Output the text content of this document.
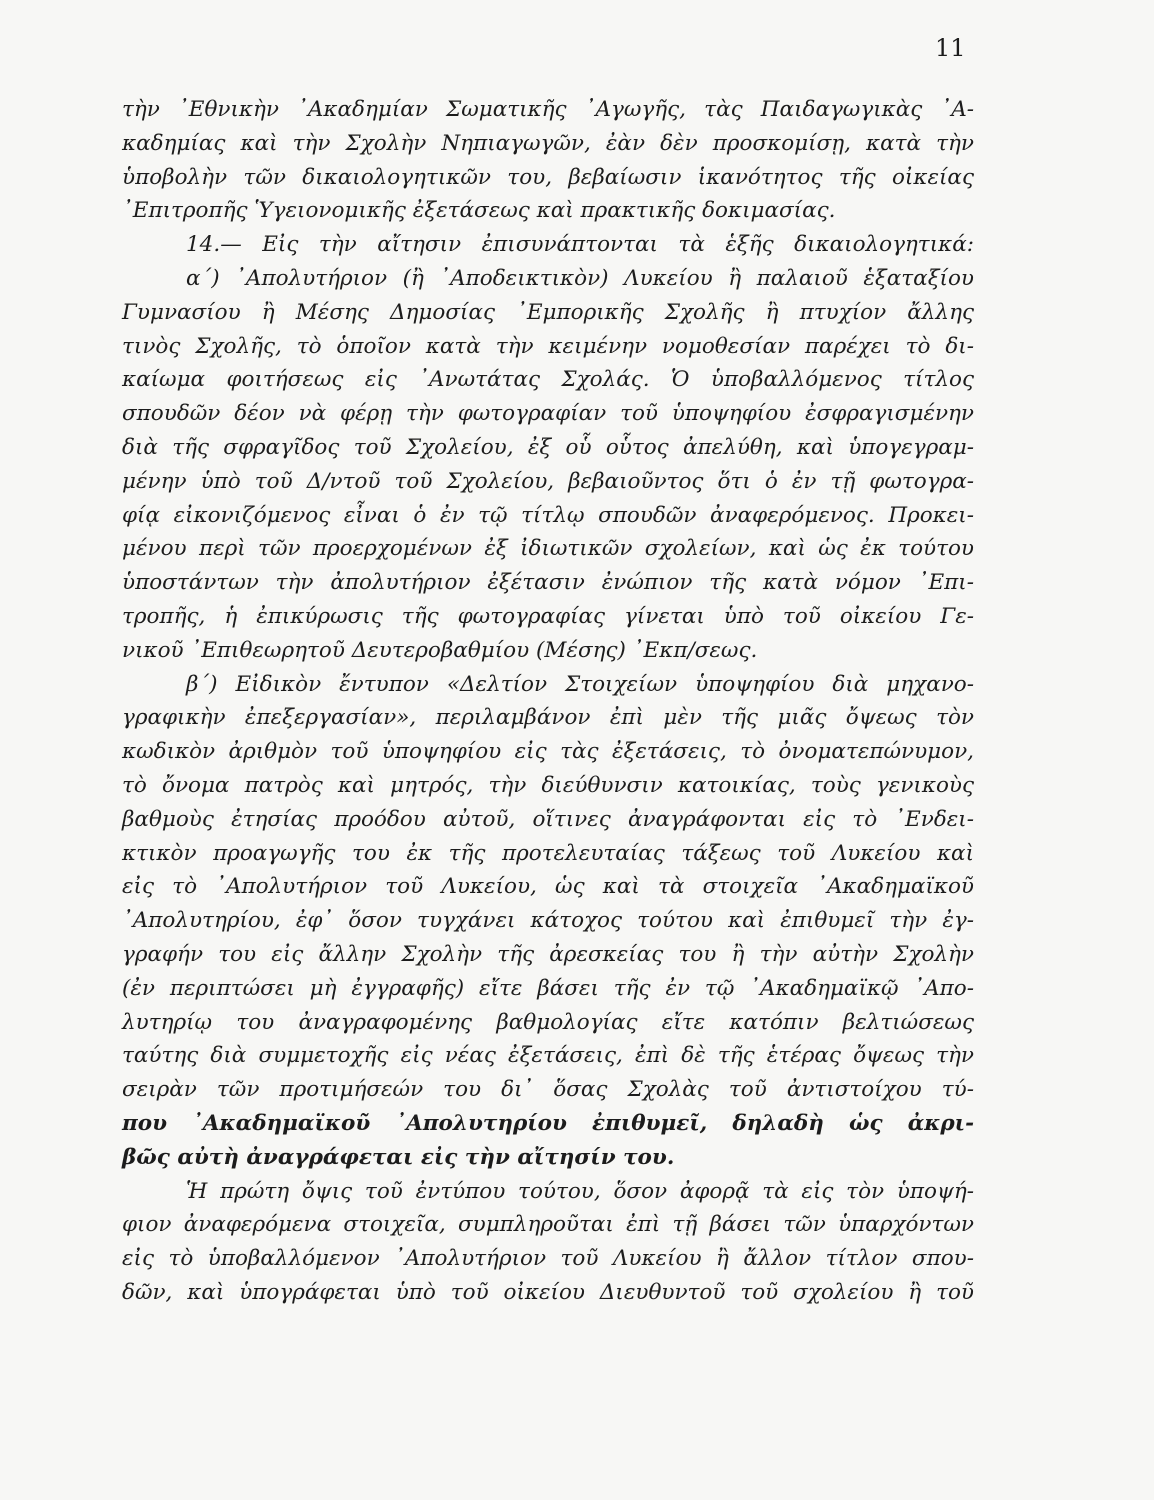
11
τὴν ᾿Εθνικὴν ᾿Ακαδημίαν Σωματικῆς ᾿Αγωγῆς, τὰς Παιδαγωγικὰς ᾿Α-
καδημίας καὶ τὴν Σχολὴν Νηπιαγωγῶν, ἐὰν δὲν προσκομίσῃ, κατὰ τὴν
ὑποβολὴν τῶν δικαιολογητικῶν του, βεβαίωσιν ἱκανότητος τῆς οἰκείας
᾿Επιτροπῆς Ὑγειονομικῆς ἐξετάσεως καὶ πρακτικῆς δοκιμασίας.
14.— Εἰς τὴν αἴτησιν ἐπισυνάπτονται τὰ ἑξῆς δικαιολογητικά:
α΄) ᾿Απολυτήριον (ἢ ᾿Αποδεικτικὸν) Λυκείου ἢ παλαιοῦ ἑξαταξίου
Γυμνασίου ἢ Μέσης Δημοσίας ᾿Εμπορικῆς Σχολῆς ἢ πτυχίον ἄλλης
τινὸς Σχολῆς, τὸ ὁποῖον κατὰ τὴν κειμένην νομοθεσίαν παρέχει τὸ δι-
καίωμα φοιτήσεως εἰς ᾿Ανωτάτας Σχολάς. Ὁ ὑποβαλλόμενος τίτλος
σπουδῶν δέον νὰ φέρῃ τὴν φωτογραφίαν τοῦ ὑποψηφίου ἐσφραγισμένην
διὰ τῆς σφραγῖδος τοῦ Σχολείου, ἐξ οὗ οὗτος ἀπελύθη, καὶ ὑπογεγραμ-
μένην ὑπὸ τοῦ Δ/ντοῦ τοῦ Σχολείου, βεβαιοῦντος ὅτι ὁ ἐν τῇ φωτογρα-
φίᾳ εἰκονιζόμενος εἶναι ὁ ἐν τῷ τίτλῳ σπουδῶν ἀναφερόμενος. Προκει-
μένου περὶ τῶν προερχομένων ἐξ ἰδιωτικῶν σχολείων, καὶ ὡς ἐκ τούτου
ὑποστάντων τὴν ἀπολυτήριον ἐξέτασιν ἐνώπιον τῆς κατὰ νόμον ᾿Επι-
τροπῆς, ἡ ἐπικύρωσις τῆς φωτογραφίας γίνεται ὑπὸ τοῦ οἰκείου Γε-
νικοῦ ᾿Επιθεωρητοῦ Δευτεροβαθμίου (Μέσης) ᾿Εκπ/σεως.
β΄) Εἰδικὸν ἔντυπον «Δελτίον Στοιχείων ὑποψηφίου διὰ μηχανο-
γραφικὴν ἐπεξεργασίαν», περιλαμβάνον ἐπὶ μὲν τῆς μιᾶς ὄψεως τὸν
κωδικὸν ἀριθμὸν τοῦ ὑποψηφίου εἰς τὰς ἐξετάσεις, τὸ ὀνοματεπώνυμον,
τὸ ὄνομα πατρὸς καὶ μητρός, τὴν διεύθυνσιν κατοικίας, τοὺς γενικοὺς
βαθμοὺς ἐτησίας προόδου αὐτοῦ, οἵτινες ἀναγράφονται εἰς τὸ ᾿Ενδει-
κτικὸν προαγωγῆς του ἐκ τῆς προτελευταίας τάξεως τοῦ Λυκείου καὶ
εἰς τὸ ᾿Απολυτήριον τοῦ Λυκείου, ὡς καὶ τὰ στοιχεῖα ᾿Ακαδημαϊκοῦ
᾿Απολυτηρίου, ἐφ᾿ ὅσον τυγχάνει κάτοχος τούτου καὶ ἐπιθυμεῖ τὴν ἐγ-
γραφήν του εἰς ἄλλην Σχολὴν τῆς ἀρεσκείας του ἢ τὴν αὐτὴν Σχολὴν
(ἐν περιπτώσει μὴ ἐγγραφῆς) εἴτε βάσει τῆς ἐν τῷ ᾿Ακαδημαϊκῷ ᾿Απο-
λυτηρίῳ του ἀναγραφομένης βαθμολογίας εἴτε κατόπιν βελτιώσεως
ταύτης διὰ συμμετοχῆς εἰς νέας ἐξετάσεις, ἐπὶ δὲ τῆς ἑτέρας ὄψεως τὴν
σειρὰν τῶν προτιμήσεών του δι᾿ ὅσας Σχολὰς τοῦ ἀντιστοίχου τύ-
που ᾿Ακαδημαϊκοῦ ᾿Απολυτηρίου ἐπιθυμεῖ, δηλαδὴ ὡς ἀκρι-
βῶς αὐτὴ ἀναγράφεται εἰς τὴν αἴτησίν του.
Ἡ πρώτη ὄψις τοῦ ἐντύπου τούτου, ὅσον ἀφορᾷ τὰ εἰς τὸν ὑποψή-
φιον ἀναφερόμενα στοιχεῖα, συμπληροῦται ἐπὶ τῇ βάσει τῶν ὑπαρχόντων
εἰς τὸ ὑποβαλλόμενον ᾿Απολυτήριον τοῦ Λυκείου ἢ ἄλλον τίτλον σπου-
δῶν, καὶ ὑπογράφεται ὑπὸ τοῦ οἰκείου Διευθυντοῦ τοῦ σχολείου ἢ τοῦ
